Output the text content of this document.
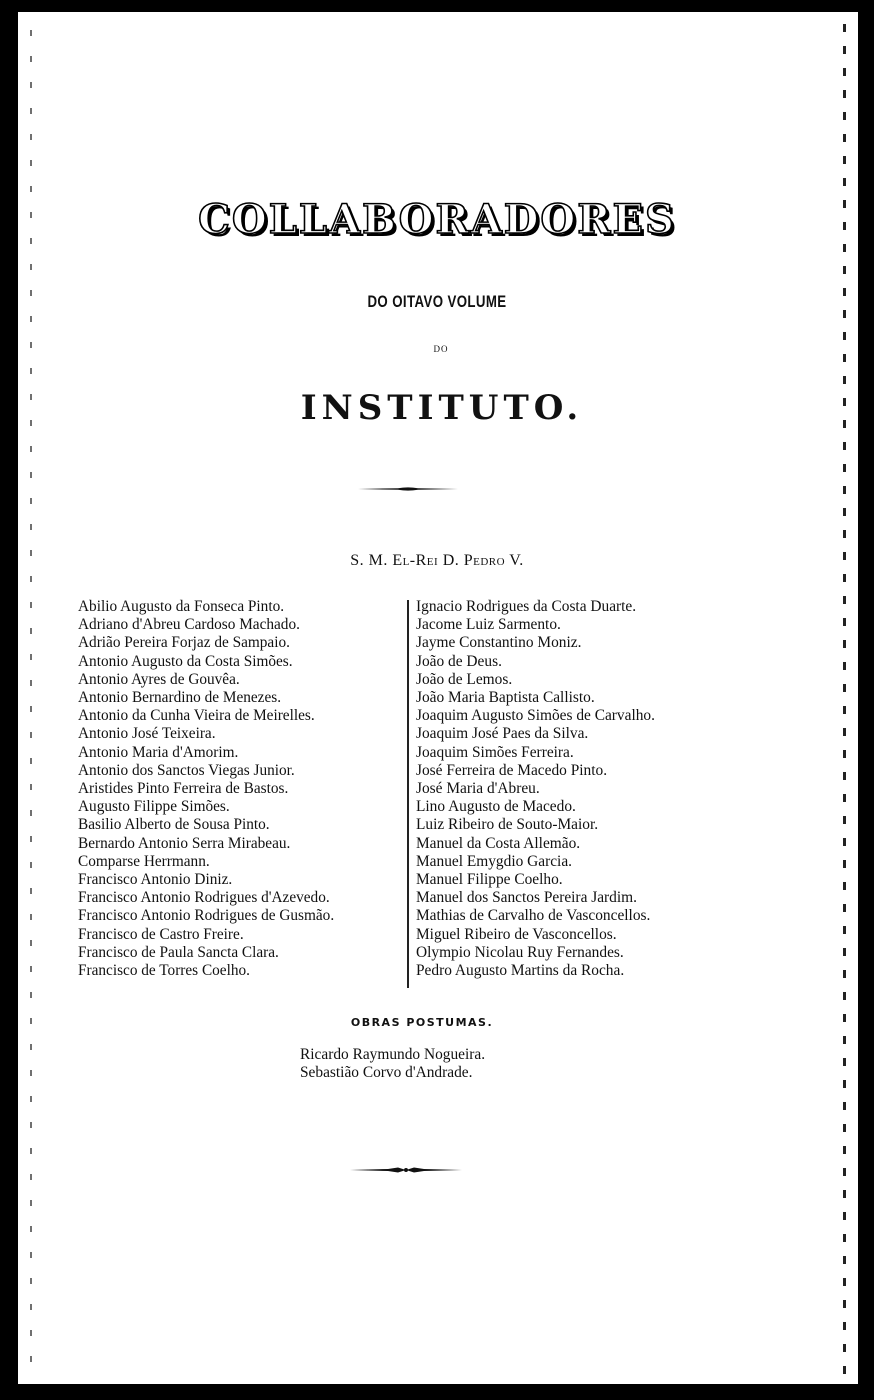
COLLABORADORES
DO OITAVO VOLUME
DO
INSTITUTO.
S. M. El-Rei D. Pedro V.
Abilio Augusto da Fonseca Pinto.
Adriano d'Abreu Cardoso Machado.
Adrião Pereira Forjaz de Sampaio.
Antonio Augusto da Costa Simões.
Antonio Ayres de Gouvêa.
Antonio Bernardino de Menezes.
Antonio da Cunha Vieira de Meirelles.
Antonio José Teixeira.
Antonio Maria d'Amorim.
Antonio dos Sanctos Viegas Junior.
Aristides Pinto Ferreira de Bastos.
Augusto Filippe Simões.
Basilio Alberto de Sousa Pinto.
Bernardo Antonio Serra Mirabeau.
Comparse Herrmann.
Francisco Antonio Diniz.
Francisco Antonio Rodrigues d'Azevedo.
Francisco Antonio Rodrigues de Gusmão.
Francisco de Castro Freire.
Francisco de Paula Sancta Clara.
Francisco de Torres Coelho.
Ignacio Rodrigues da Costa Duarte.
Jacome Luiz Sarmento.
Jayme Constantino Moniz.
João de Deus.
João de Lemos.
João Maria Baptista Callisto.
Joaquim Augusto Simões de Carvalho.
Joaquim José Paes da Silva.
Joaquim Simões Ferreira.
José Ferreira de Macedo Pinto.
José Maria d'Abreu.
Lino Augusto de Macedo.
Luiz Ribeiro de Souto-Maior.
Manuel da Costa Allemão.
Manuel Emygdio Garcia.
Manuel Filippe Coelho.
Manuel dos Sanctos Pereira Jardim.
Mathias de Carvalho de Vasconcellos.
Miguel Ribeiro de Vasconcellos.
Olympio Nicolau Ruy Fernandes.
Pedro Augusto Martins da Rocha.
OBRAS POSTUMAS.
Ricardo Raymundo Nogueira.
Sebastião Corvo d'Andrade.
